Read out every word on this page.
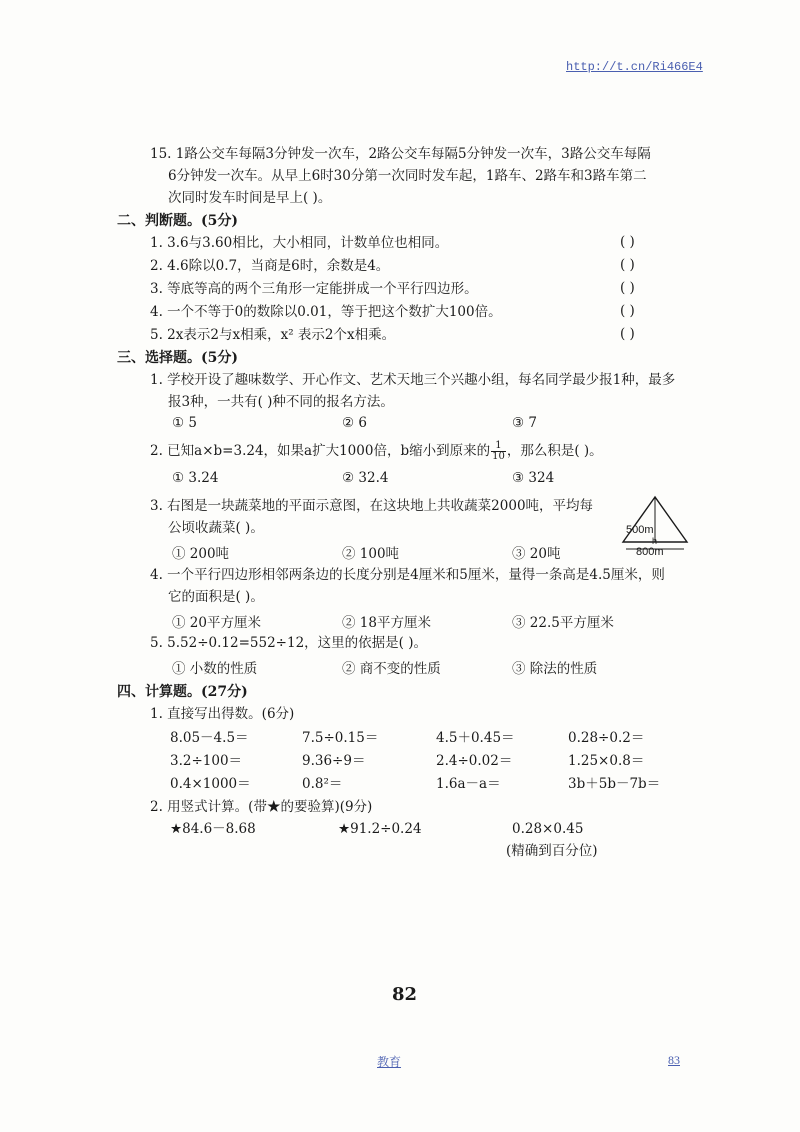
http://t.cn/Ri466E4
15. 1路公交车每隔3分钟发一次车，2路公交车每隔5分钟发一次车，3路公交车每隔
6分钟发一次车。从早上6时30分第一次同时发车起，1路车、2路车和3路车第二
次同时发车时间是早上( )。
二、判断题。(5分)
1. 3.6与3.60相比，大小相同，计数单位也相同。	( )
2. 4.6除以0.7，当商是6时，余数是4。	( )
3. 等底等高的两个三角形一定能拼成一个平行四边形。	( )
4. 一个不等于0的数除以0.01，等于把这个数扩大100倍。	( )
5. 2x表示2与x相乘，x² 表示2个x相乘。	( )
三、选择题。(5分)
1. 学校开设了趣味数学、开心作文、艺术天地三个兴趣小组，每名同学最少报1种，最多
报3种，一共有( )种不同的报名方法。
① 5	② 6	③ 7
2. 已知a×b=3.24，如果a扩大1000倍，b缩小到原来的 $\frac{1}{10}$ ，那么积是( )。
① 3.24	② 32.4	③ 324
3. 右图是一块蔬菜地的平面示意图，在这块地上共收蔬菜2000吨，平均每
公顷收蔬菜( )。
① 200吨	② 100吨	③ 20吨
500m
h
800m
4. 一个平行四边形相邻两条边的长度分别是4厘米和5厘米，量得一条高是4.5厘米，则
它的面积是( )。
① 20平方厘米	② 18平方厘米	③ 22.5平方厘米
5. 5.52÷0.12=552÷12，这里的依据是( )。
① 小数的性质	② 商不变的性质	③ 除法的性质
四、计算题。(27分)
1. 直接写出得数。(6分)
8.05－4.5＝	7.5÷0.15＝	4.5＋0.45＝	0.28÷0.2＝
3.2÷100＝	9.36÷9＝	2.4÷0.02＝	1.25×0.8＝
0.4×1000＝	0.8²＝	1.6a－a＝	3b＋5b－7b＝
2. 用竖式计算。(带★的要验算)(9分)
★84.6－8.68	★91.2÷0.24	0.28×0.45
(精确到百分位)
82
教育	83
